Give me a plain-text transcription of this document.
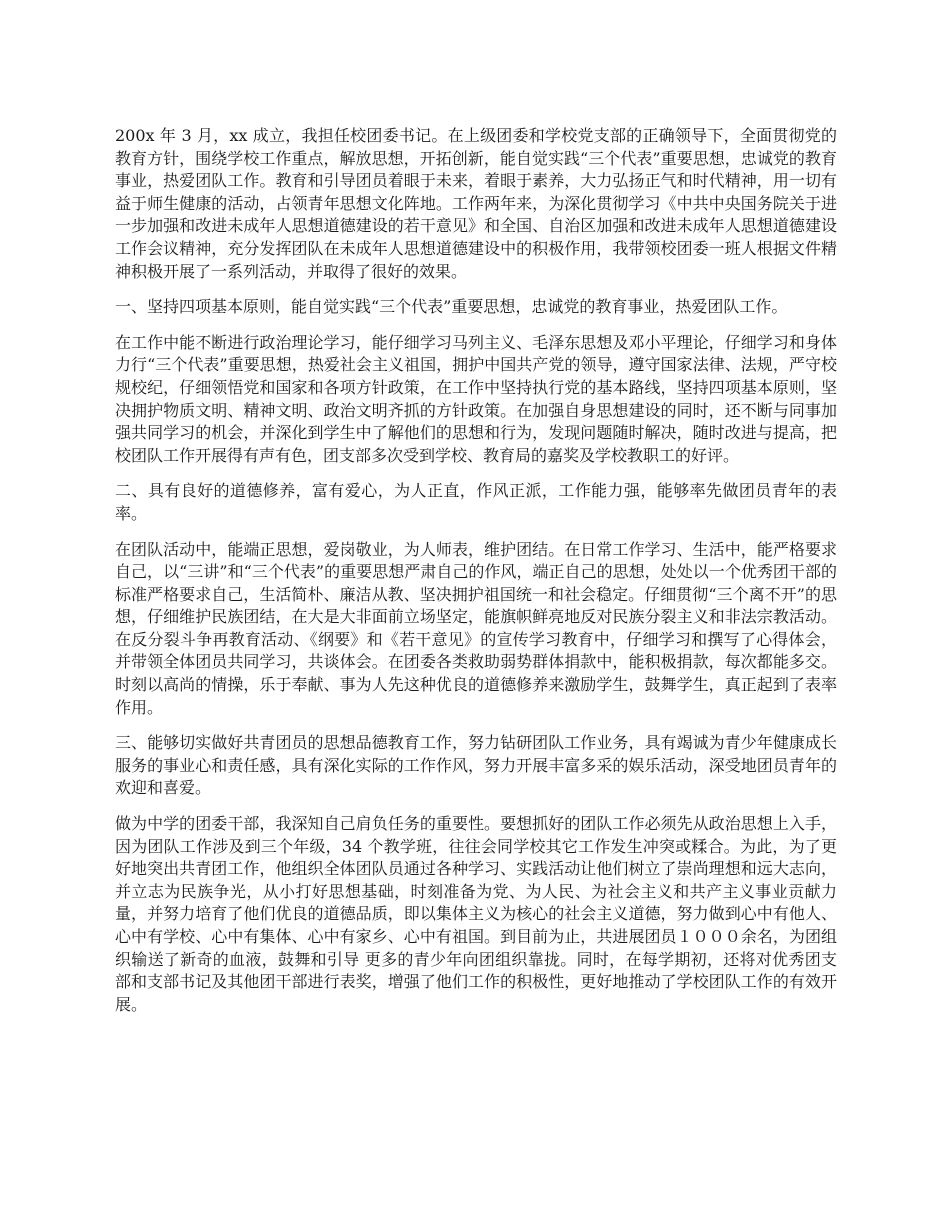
200x 年 3 月，xx 成立，我担任校团委书记。在上级团委和学校党支部的正确领导下，全面贯彻党的教育方针，围绕学校工作重点，解放思想，开拓创新，能自觉实践“三个代表”重要思想，忠诚党的教育事业，热爱团队工作。教育和引导团员着眼于未来，着眼于素养，大力弘扬正气和时代精神，用一切有益于师生健康的活动，占领青年思想文化阵地。工作两年来，为深化贯彻学习《中共中央国务院关于进一步加强和改进未成年人思想道德建设的若干意见》和全国、自治区加强和改进未成年人思想道德建设工作会议精神，充分发挥团队在未成年人思想道德建设中的积极作用，我带领校团委一班人根据文件精神积极开展了一系列活动，并取得了很好的效果。

一、坚持四项基本原则，能自觉实践“三个代表”重要思想，忠诚党的教育事业，热爱团队工作。

在工作中能不断进行政治理论学习，能仔细学习马列主义、毛泽东思想及邓小平理论，仔细学习和身体力行“三个代表”重要思想，热爱社会主义祖国，拥护中国共产党的领导，遵守国家法律、法规，严守校规校纪，仔细领悟党和国家和各项方针政策，在工作中坚持执行党的基本路线，坚持四项基本原则，坚决拥护物质文明、精神文明、政治文明齐抓的方针政策。在加强自身思想建设的同时，还不断与同事加强共同学习的机会，并深化到学生中了解他们的思想和行为，发现问题随时解决，随时改进与提高，把校团队工作开展得有声有色，团支部多次受到学校、教育局的嘉奖及学校教职工的好评。

二、具有良好的道德修养，富有爱心，为人正直，作风正派，工作能力强，能够率先做团员青年的表率。

在团队活动中，能端正思想，爱岗敬业，为人师表，维护团结。在日常工作学习、生活中，能严格要求自己，以“三讲”和“三个代表”的重要思想严肃自己的作风，端正自己的思想，处处以一个优秀团干部的标准严格要求自己，生活简朴、廉洁从教、坚决拥护祖国统一和社会稳定。仔细贯彻“三个离不开”的思想，仔细维护民族团结，在大是大非面前立场坚定，能旗帜鲜亮地反对民族分裂主义和非法宗教活动。在反分裂斗争再教育活动、《纲要》和《若干意见》的宣传学习教育中，仔细学习和撰写了心得体会，并带领全体团员共同学习，共谈体会。在团委各类救助弱势群体捐款中，能积极捐款，每次都能多交。时刻以高尚的情操，乐于奉献、事为人先这种优良的道德修养来激励学生，鼓舞学生，真正起到了表率作用。

三、能够切实做好共青团员的思想品德教育工作，努力钻研团队工作业务，具有竭诚为青少年健康成长服务的事业心和责任感，具有深化实际的工作作风，努力开展丰富多采的娱乐活动，深受地团员青年的欢迎和喜爱。

做为中学的团委干部，我深知自己肩负任务的重要性。要想抓好的团队工作必须先从政治思想上入手，因为团队工作涉及到三个年级，34 个教学班，往往会同学校其它工作发生冲突或糅合。为此，为了更好地突出共青团工作，他组织全体团队员通过各种学习、实践活动让他们树立了崇尚理想和远大志向，并立志为民族争光，从小打好思想基础，时刻准备为党、为人民、为社会主义和共产主义事业贡献力量，并努力培育了他们优良的道德品质，即以集体主义为核心的社会主义道德，努力做到心中有他人、心中有学校、心中有集体、心中有家乡、心中有祖国。到目前为止，共进展团员１０００余名，为团组织输送了新奇的血液，鼓舞和引导 更多的青少年向团组织靠拢。同时，在每学期初，还将对优秀团支部和支部书记及其他团干部进行表奖，增强了他们工作的积极性，更好地推动了学校团队工作的有效开展。
